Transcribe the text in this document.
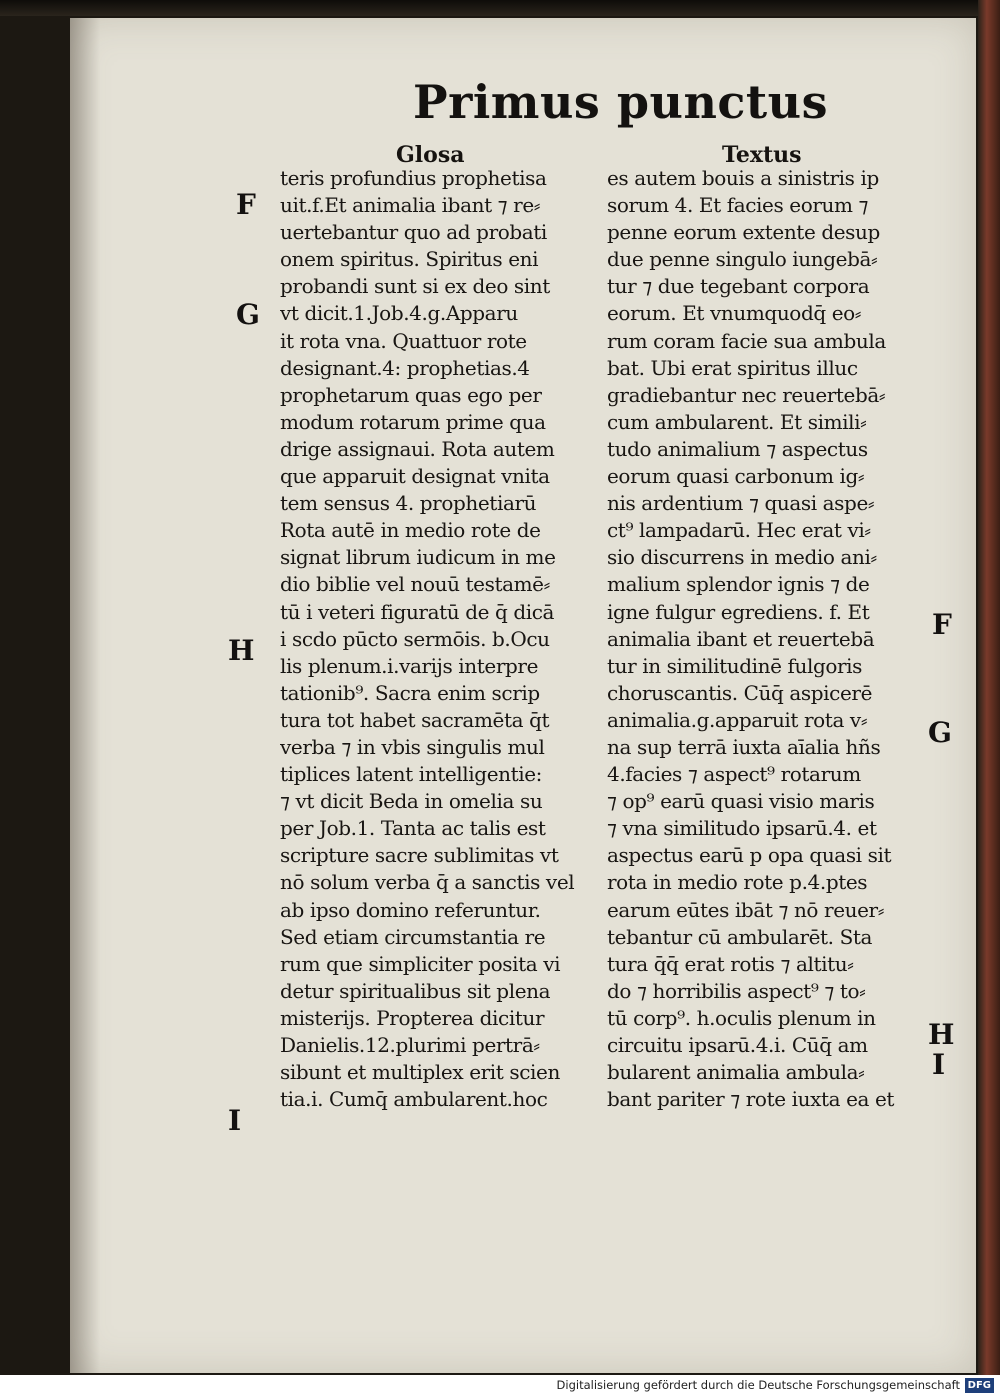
Primus punctus
Glosa	Textus
teris profundius prophetisa
uit.f.Et animalia ibant ⁊ re⸗
uertebantur quo ad probati
onem spiritus. Spiritus eni
probandi sunt si ex deo sint
vt dicit.1.Job.4.g.Apparu
it rota vna. Quattuor rote
designant.4: prophetias.4
prophetarum quas ego per
modum rotarum prime qua
drige assignaui. Rota autem
que apparuit designat vnita
tem sensus 4. prophetiarū
Rota autē in medio rote de
signat librum iudicum in me
dio biblie vel nouū testamē⸗
tū i veteri figuratū de q̄ dicā
i scdo pūcto sermōis. b.Ocu
lis plenum.i.varijs interpre
tationib⁹. Sacra enim scrip
tura tot habet sacramēta q̄t
verba ⁊ in vbis singulis mul
tiplices latent intelligentie:
⁊ vt dicit Beda in omelia su
per Job.1. Tanta ac talis est
scripture sacre sublimitas vt
nō solum verba q̄ a sanctis vel
ab ipso domino referuntur.
Sed etiam circumstantia re
rum que simpliciter posita vi
detur spiritualibus sit plena
misterijs. Propterea dicitur
Danielis.12.plurimi pertrā⸗
sibunt et multiplex erit scien
tia.i. Cumq̄ ambularent.hoc
es autem bouis a sinistris ip
sorum 4. Et facies eorum ⁊
penne eorum extente desup
due penne singulo iungebā⸗
tur ⁊ due tegebant corpora
eorum. Et vnumquodq̄ eo⸗
rum coram facie sua ambula
bat. Ubi erat spiritus illuc
gradiebantur nec reuertebā⸗
cum ambularent. Et simili⸗
tudo animalium ⁊ aspectus
eorum quasi carbonum ig⸗
nis ardentium ⁊ quasi aspe⸗
ct⁹ lampadarū. Hec erat vi⸗
sio discurrens in medio ani⸗
malium splendor ignis ⁊ de
igne fulgur egrediens. f. Et
animalia ibant et reuertebā
tur in similitudinē fulgoris
choruscantis. Cūq̄ aspicerē
animalia.g.apparuit rota v⸗
na sup terrā iuxta aīalia hñs
4.facies ⁊ aspect⁹ rotarum
⁊ op⁹ earū quasi visio maris
⁊ vna similitudo ipsarū.4. et
aspectus earū p opa quasi sit
rota in medio rote p.4.ptes
earum eūtes ibāt ⁊ nō reuer⸗
tebantur cū ambularēt. Sta
tura q̄q̄ erat rotis ⁊ altitu⸗
do ⁊ horribilis aspect⁹ ⁊ to⸗
tū corp⁹. h.oculis plenum in
circuitu ipsarū.4.i. Cūq̄ am
bularent animalia ambula⸗
bant pariter ⁊ rote iuxta ea et
F
G
H
I
F
G
H
I
Digitalisierung gefördert durch die Deutsche Forschungsgemeinschaft DFG
